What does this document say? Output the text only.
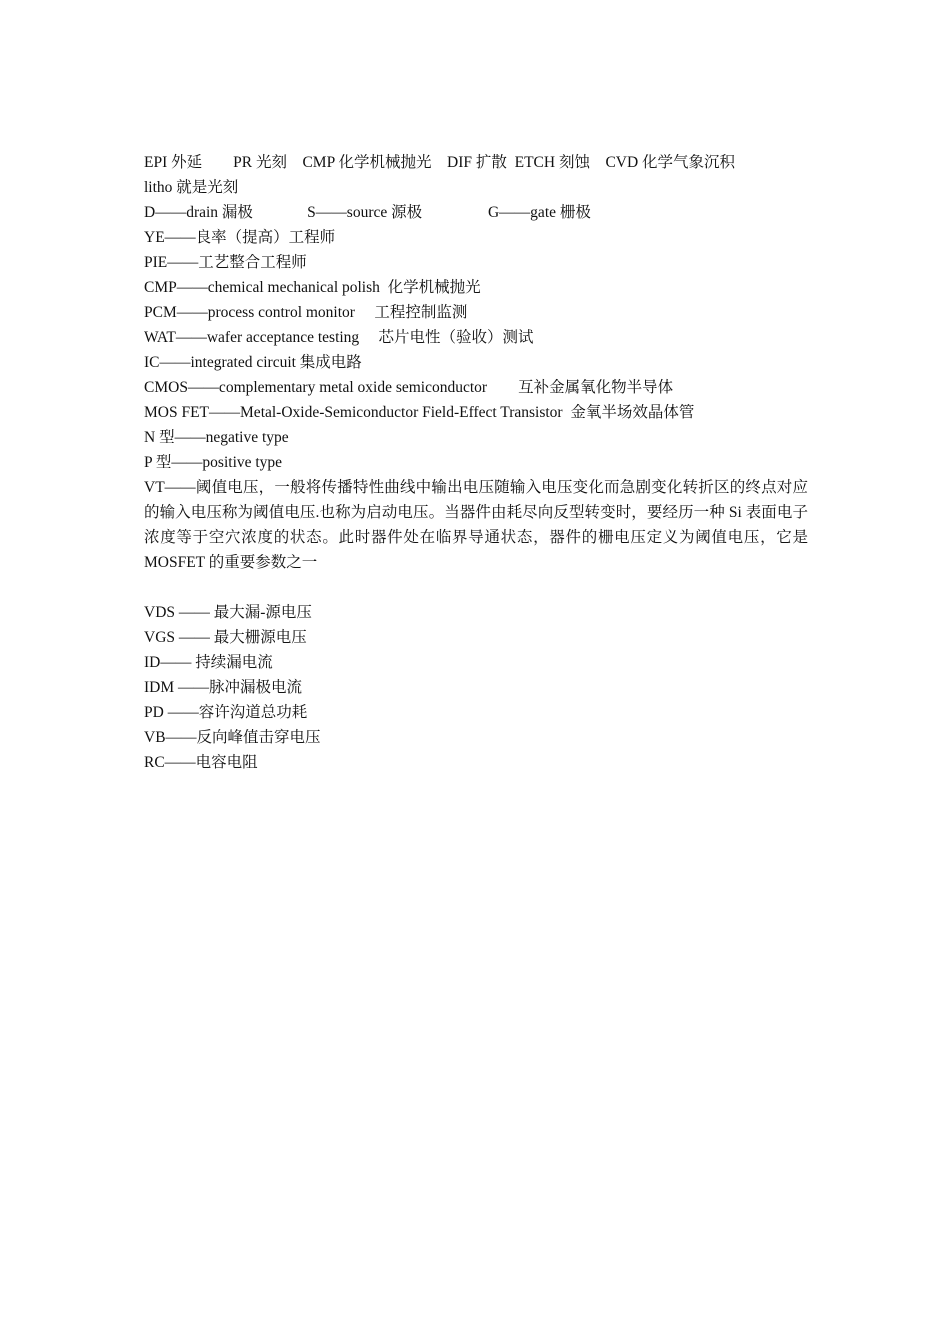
EPI 外延        PR 光刻    CMP 化学机械抛光    DIF 扩散  ETCH 刻蚀    CVD 化学气象沉积
litho 就是光刻
D——drain 漏极              S——source 源极                 G——gate 栅极
YE——良率（提高）工程师
PIE——工艺整合工程师
CMP——chemical mechanical polish  化学机械抛光
PCM——process control monitor     工程控制监测
WAT——wafer acceptance testing     芯片电性（验收）测试
IC——integrated circuit 集成电路
CMOS——complementary metal oxide semiconductor        互补金属氧化物半导体
MOS FET——Metal-Oxide-Semiconductor Field-Effect Transistor  金氧半场效晶体管
N 型——negative type
P 型——positive type
VT——阈值电压，一般将传播特性曲线中输出电压随输入电压变化而急剧变化转折区的终点对应的输入电压称为阈值电压.也称为启动电压。当器件由耗尽向反型转变时，要经历一种 Si 表面电子浓度等于空穴浓度的状态。此时器件处在临界导通状态，器件的栅电压定义为阈值电压，它是 MOSFET 的重要参数之一
VDS —— 最大漏-源电压
VGS —— 最大栅源电压
ID—— 持续漏电流
IDM ——脉冲漏极电流
PD ——容许沟道总功耗
VB——反向峰值击穿电压
RC——电容电阻
